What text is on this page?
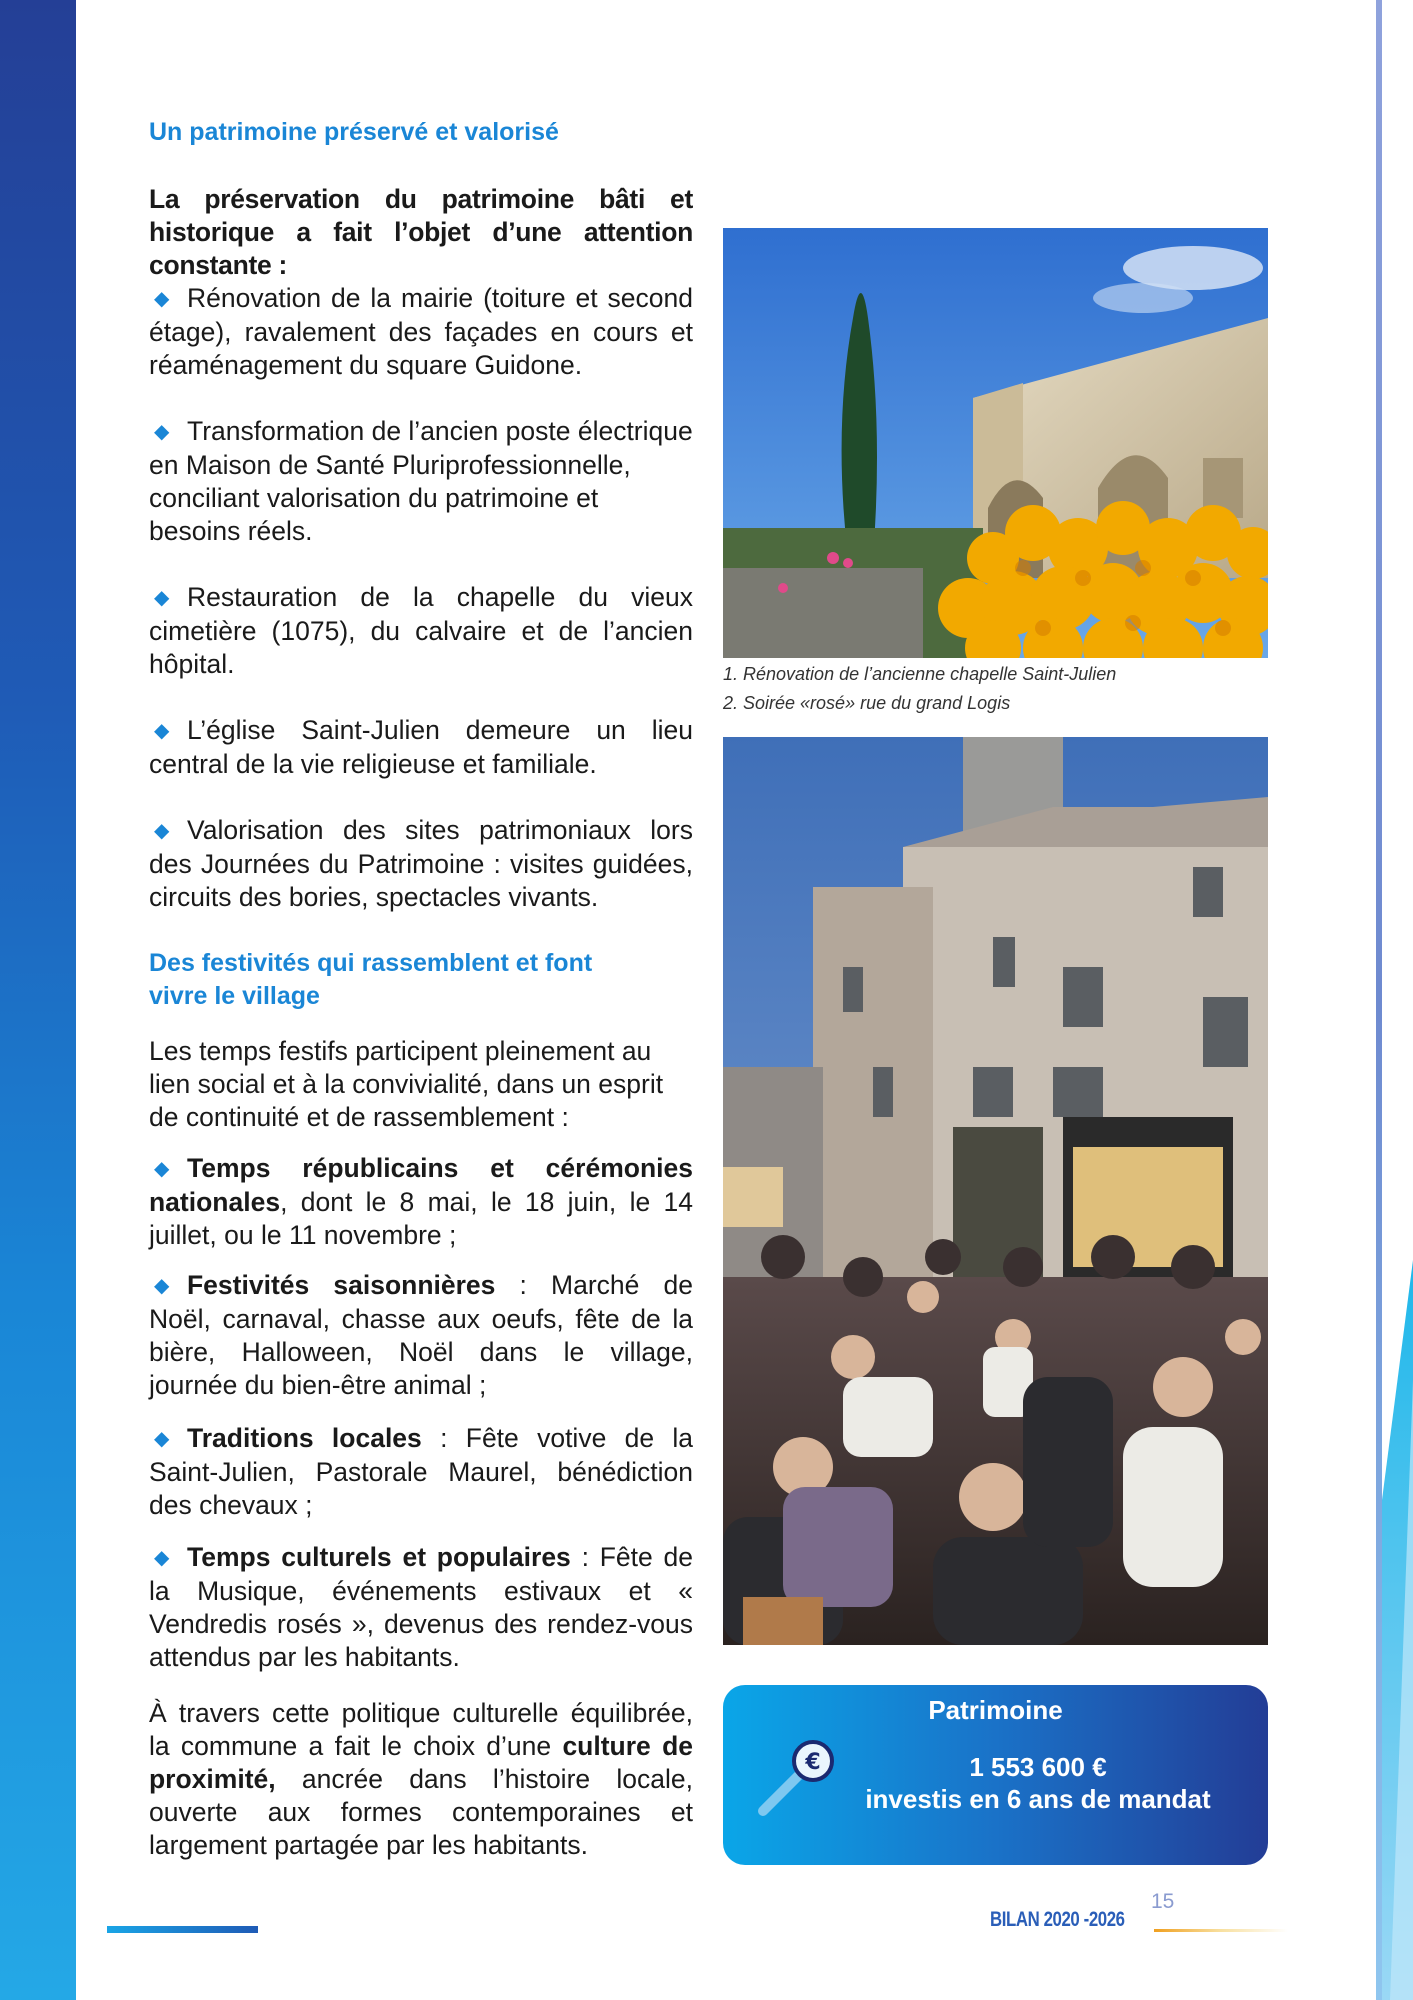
Un patrimoine préservé et valorisé

La préservation du patrimoine bâti et historique a fait l’objet d’une attention constante :

◆ Rénovation de la mairie (toiture et second étage), ravalement des façades en cours et réaménagement du square Guidone.

◆ Transformation de l’ancien poste électrique en Maison de Santé Pluriprofessionnelle, conciliant valorisation du patrimoine et besoins réels.

◆ Restauration de la chapelle du vieux cimetière (1075), du calvaire et de l’ancien hôpital.

◆ L’église Saint-Julien demeure un lieu central de la vie religieuse et familiale.

◆ Valorisation des sites patrimoniaux lors des Journées du Patrimoine : visites guidées, circuits des bories, spectacles vivants.

Des festivités qui rassemblent et font
vivre le village

Les temps festifs participent pleinement au lien social et à la convivialité, dans un esprit de continuité et de rassemblement :

◆ Temps républicains et cérémonies nationales, dont le 8 mai, le 18 juin, le 14 juillet, ou le 11 novembre ;

◆ Festivités saisonnières : Marché de Noël, carnaval, chasse aux oeufs, fête de la bière, Halloween, Noël dans le village, journée du bien-être animal ;

◆ Traditions locales : Fête votive de la Saint-Julien, Pastorale Maurel, bénédiction des chevaux ;

◆ Temps culturels et populaires : Fête de la Musique, événements estivaux et « Vendredis rosés », devenus des rendez-vous attendus par les habitants.

À travers cette politique culturelle équilibrée, la commune a fait le choix d’une culture de proximité, ancrée dans l’histoire locale, ouverte aux formes contemporaines et largement partagée par les habitants.

1. Rénovation de l’ancienne chapelle Saint-Julien
2. Soirée «rosé» rue du grand Logis
Patrimoine
€	1 553 600 €
investis en 6 ans de mandat
BILAN 2020 -2026
15
